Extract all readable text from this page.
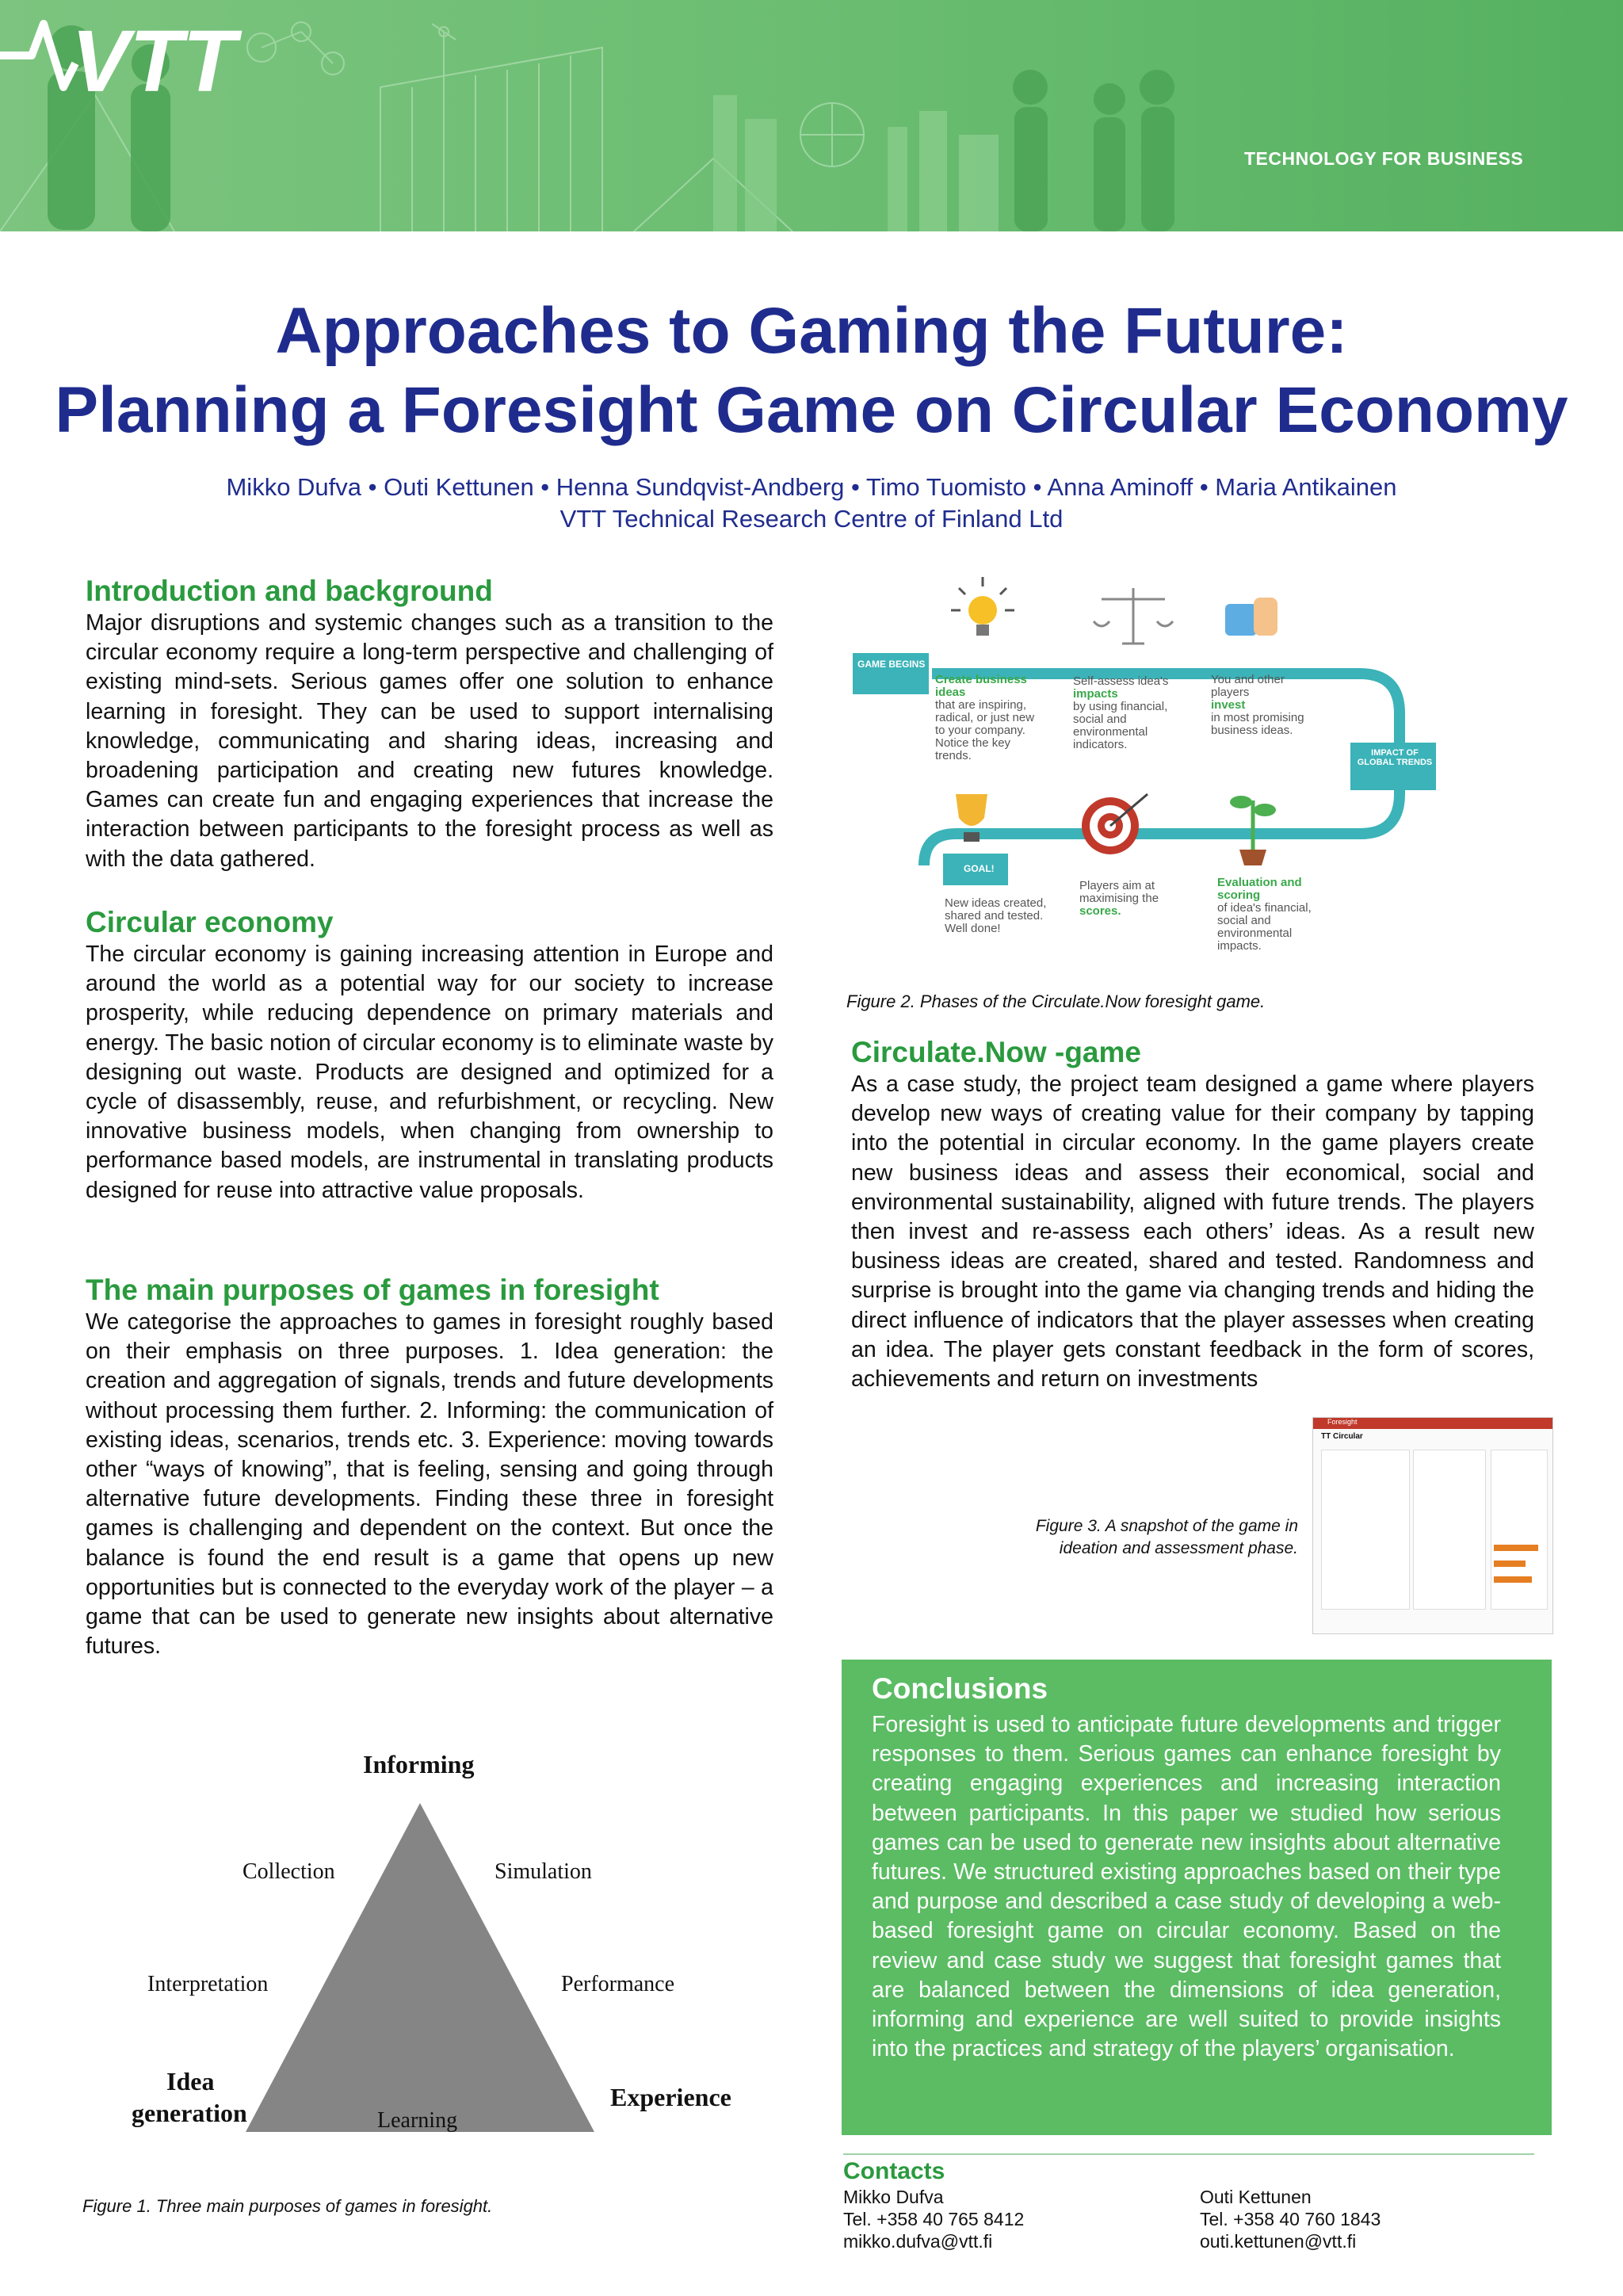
VTT
TECHNOLOGY FOR BUSINESS
Approaches to Gaming the Future:
Planning a Foresight Game on Circular Economy
Mikko Dufva • Outi Kettunen • Henna Sundqvist-Andberg • Timo Tuomisto • Anna Aminoff • Maria Antikainen
VTT Technical Research Centre of Finland Ltd
Introduction and background
Major disruptions and systemic changes such as a transition to the circular economy require a long-term perspective and challenging of existing mind-sets. Serious games offer one solution to enhance learning in foresight. They can be used to support internalising knowledge, communicating and sharing ideas, increasing and broadening participation and creating new futures knowledge. Games can create fun and engaging experiences that increase the interaction between participants to the foresight process as well as with the data gathered.
Circular economy
The circular economy is gaining increasing attention in Europe and around the world as a potential way for our society to increase prosperity, while reducing dependence on primary materials and energy. The basic notion of circular economy is to eliminate waste by designing out waste. Products are designed and optimized for a cycle of disassembly, reuse, and refurbishment, or recycling. New innovative business models, when changing from ownership to performance based models, are instrumental in translating products designed for reuse into attractive value proposals.
The main purposes of games in foresight
We categorise the approaches to games in foresight roughly based on their emphasis on three purposes. 1. Idea generation: the creation and aggregation of signals, trends and future developments without processing them further. 2. Informing: the communication of existing ideas, scenarios, trends etc. 3. Experience: moving towards other “ways of knowing”, that is feeling, sensing and going through alternative future developments. Finding these three in foresight games is challenging and dependent on the context. But once the balance is found the end result is a game that opens up new opportunities but is connected to the everyday work of the player – a game that can be used to generate new insights about alternative futures.
Informing
Collection	Simulation
Interpretation	Performance
Idea
generation
Experience
Learning
Figure 1. Three main purposes of games in foresight.
GAME BEGINS
IMPACT OF GLOBAL TRENDS
GOAL!
Create business ideas
that are inspiring, radical, or just new to your company. Notice the key trends.
Self-assess idea's
impacts
by using financial, social and environmental indicators.
You and other players
invest
in most promising business ideas.
Evaluation and scoring
of idea's financial, social and environmental impacts.
Players aim at maximising the scores.
New ideas created, shared and tested. Well done!
Figure 2. Phases of the Circulate.Now foresight game.
Circulate.Now -game
As a case study, the project team designed a game where players develop new ways of creating value for their company by tapping into the potential in circular economy. In the game players create new business ideas and assess their economical, social and environmental sustainability, aligned with future trends. The players then invest and re-assess each others’ ideas. As a result new business ideas are created, shared and tested. Randomness and surprise is brought into the game via changing trends and hiding the direct influence of indicators that the player assesses when creating an idea. The player gets constant feedback in the form of scores, achievements and return on investments
Foresight
TT Circular
Figure 3. A snapshot of the game in
ideation and assessment phase.
Conclusions
Foresight is used to anticipate future developments and trigger responses to them. Serious games can enhance foresight by creating engaging experiences and increasing interaction between participants. In this paper we studied how serious games can be used to generate new insights about alternative futures. We structured existing approaches based on their type and purpose and described a case study of developing a web-based foresight game on circular economy. Based on the review and case study we suggest that foresight games that are balanced between the dimensions of idea generation, informing and experience are well suited to provide insights into the practices and strategy of the players’ organisation.
Contacts
Mikko Dufva
Tel. +358 40 765 8412
mikko.dufva@vtt.fi
Outi Kettunen
Tel. +358 40 760 1843
outi.kettunen@vtt.fi
